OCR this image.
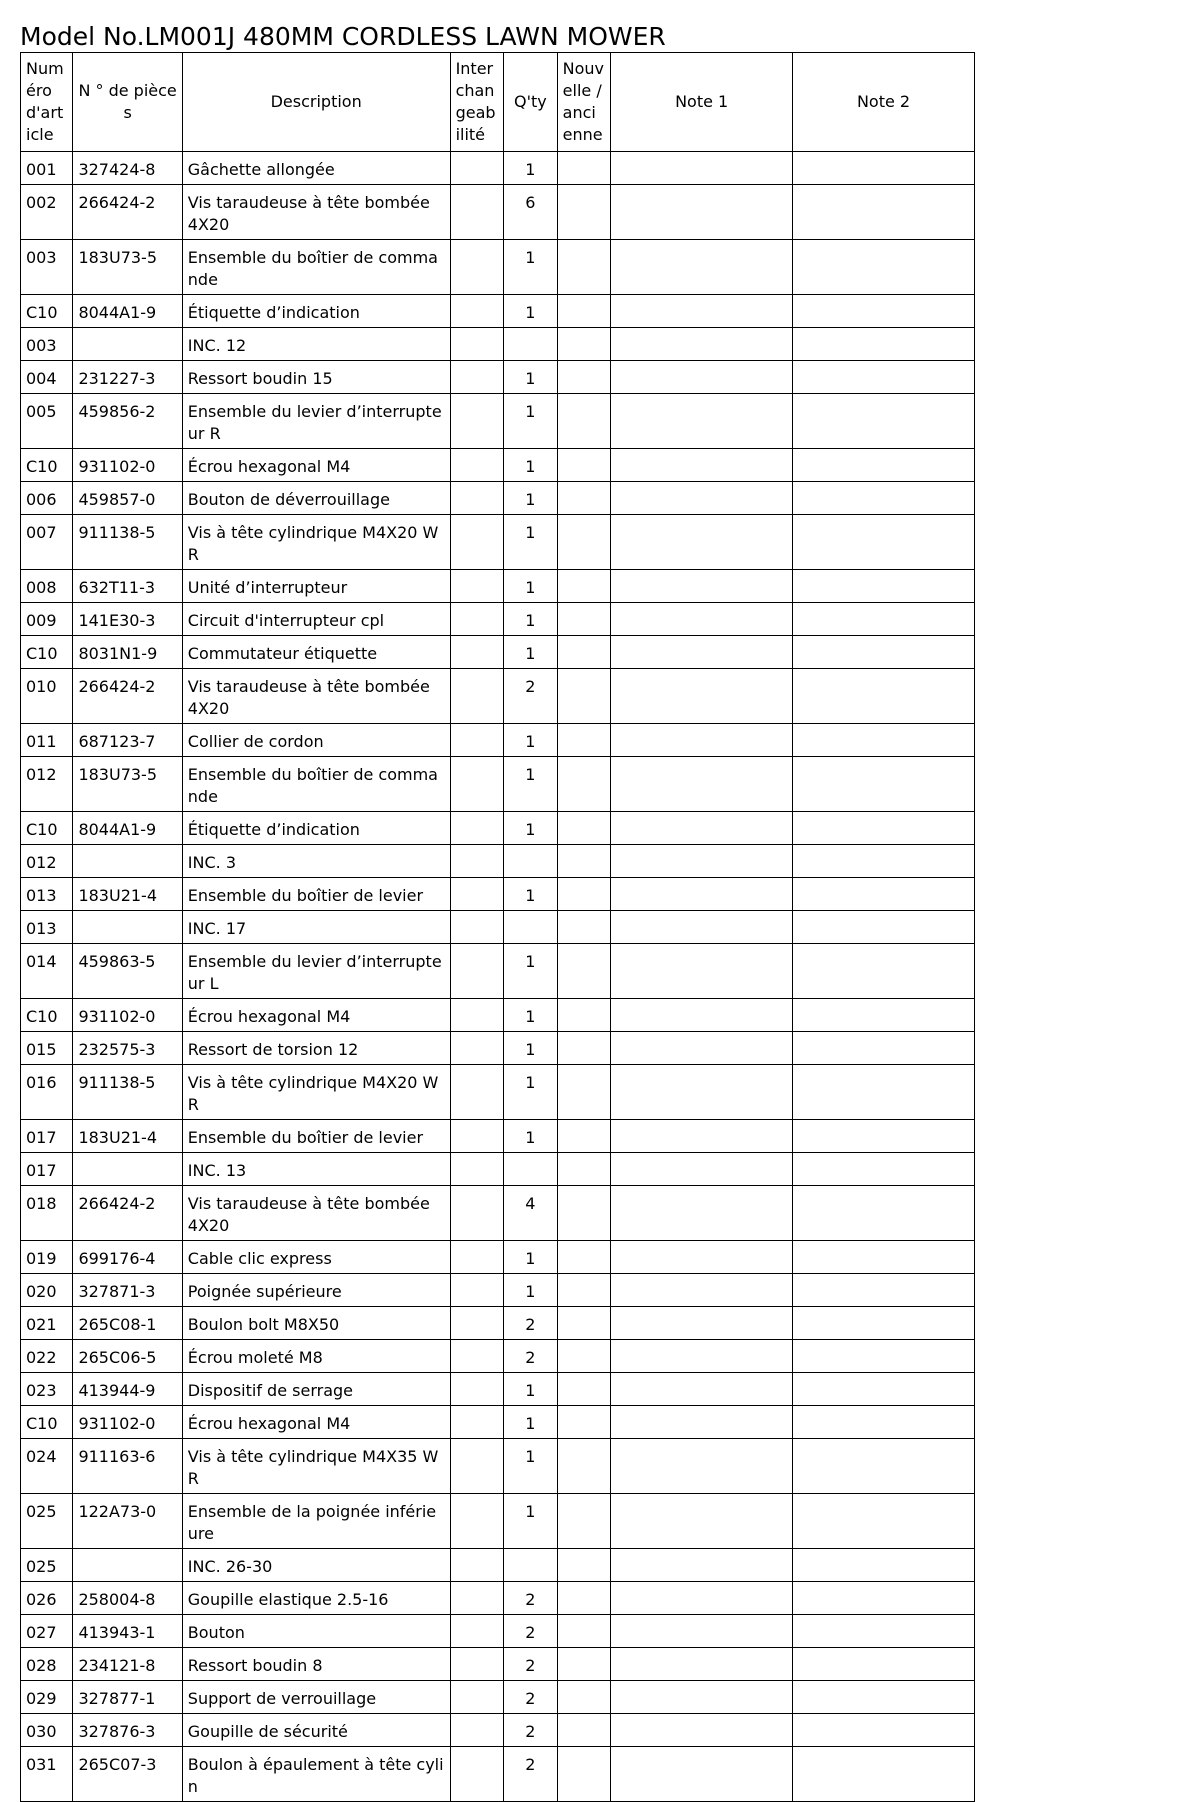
Model No.LM001J 480MM CORDLESS LAWN MOWER
Numéro d'article	N ° de pièces	Description	Interchangeabilité	Q'ty	Nouvelle / ancienne	Note 1	Note 2
001	327424-8	Gâchette allongée		1			
002	266424-2	Vis taraudeuse à tête bombée 4X20		6			
003	183U73-5	Ensemble du boîtier de commande		1			
C10	8044A1-9	Étiquette d’indication		1			
003		INC. 12					
004	231227-3	Ressort boudin 15		1			
005	459856-2	Ensemble du levier d’interrupteur R		1			
C10	931102-0	Écrou hexagonal M4		1			
006	459857-0	Bouton de déverrouillage		1			
007	911138-5	Vis à tête cylindrique M4X20 WR		1			
008	632T11-3	Unité d’interrupteur		1			
009	141E30-3	Circuit d'interrupteur cpl		1			
C10	8031N1-9	Commutateur étiquette		1			
010	266424-2	Vis taraudeuse à tête bombée 4X20		2			
011	687123-7	Collier de cordon		1			
012	183U73-5	Ensemble du boîtier de commande		1			
C10	8044A1-9	Étiquette d’indication		1			
012		INC. 3					
013	183U21-4	Ensemble du boîtier de levier		1			
013		INC. 17					
014	459863-5	Ensemble du levier d’interrupteur L		1			
C10	931102-0	Écrou hexagonal M4		1			
015	232575-3	Ressort de torsion 12		1			
016	911138-5	Vis à tête cylindrique M4X20 WR		1			
017	183U21-4	Ensemble du boîtier de levier		1			
017		INC. 13					
018	266424-2	Vis taraudeuse à tête bombée 4X20		4			
019	699176-4	Cable clic express		1			
020	327871-3	Poignée supérieure		1			
021	265C08-1	Boulon bolt M8X50		2			
022	265C06-5	Écrou moleté M8		2			
023	413944-9	Dispositif de serrage		1			
C10	931102-0	Écrou hexagonal M4		1			
024	911163-6	Vis à tête cylindrique M4X35 WR		1			
025	122A73-0	Ensemble de la poignée inférieure		1			
025		INC. 26-30					
026	258004-8	Goupille elastique 2.5-16		2			
027	413943-1	Bouton		2			
028	234121-8	Ressort boudin 8		2			
029	327877-1	Support de verrouillage		2			
030	327876-3	Goupille de sécurité		2			
031	265C07-3	Boulon à épaulement à tête cylin		2			
